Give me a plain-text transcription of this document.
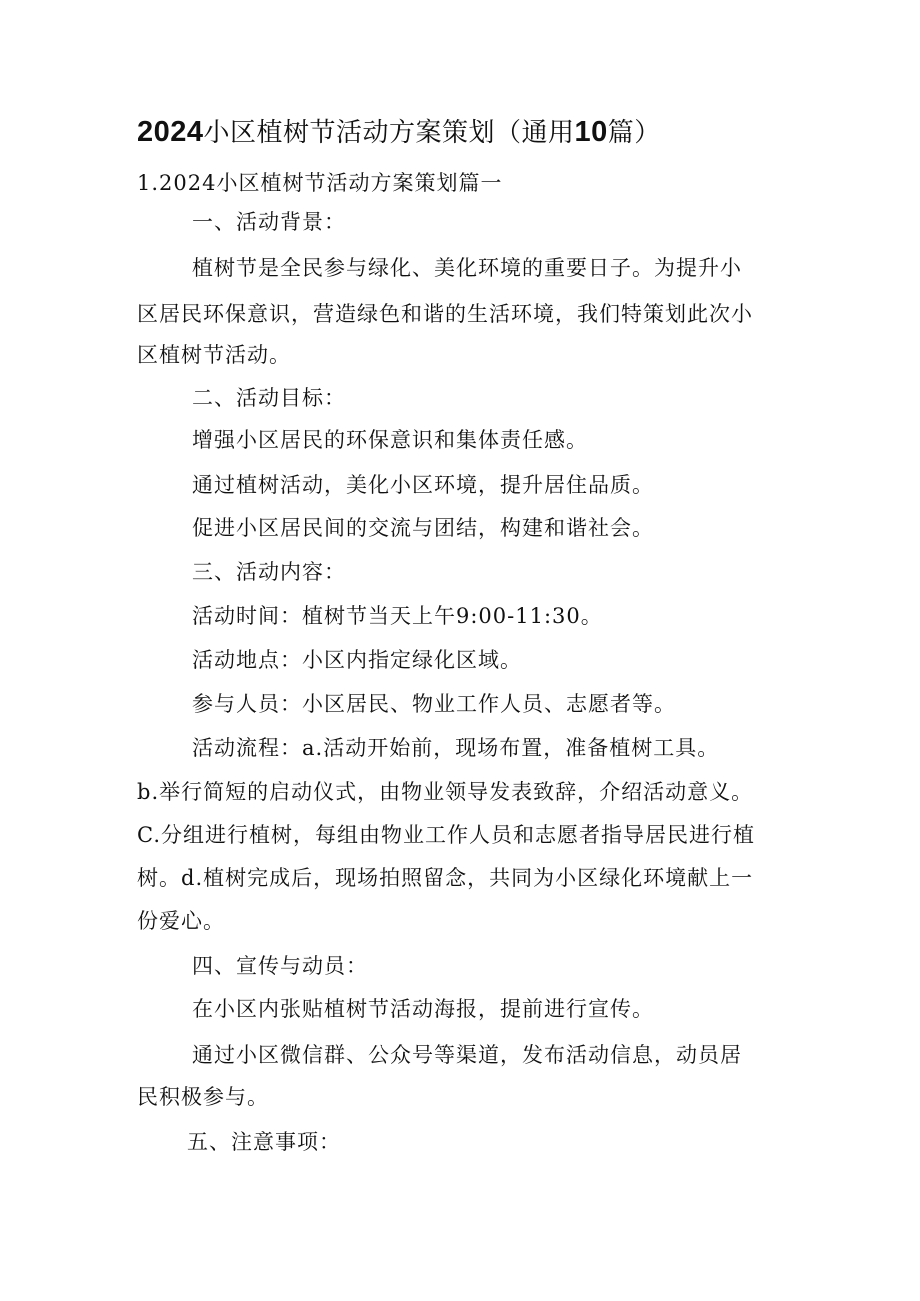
2024小区植树节活动方案策划（通用10篇）

1.2024小区植树节活动方案策划篇一

一、活动背景：

植树节是全民参与绿化、美化环境的重要日子。为提升小

区居民环保意识，营造绿色和谐的生活环境，我们特策划此次小

区植树节活动。

二、活动目标：

增强小区居民的环保意识和集体责任感。

通过植树活动，美化小区环境，提升居住品质。

促进小区居民间的交流与团结，构建和谐社会。

三、活动内容：

活动时间：植树节当天上午9:00-11:30。

活动地点：小区内指定绿化区域。

参与人员：小区居民、物业工作人员、志愿者等。

活动流程：a.活动开始前，现场布置，准备植树工具。

b.举行简短的启动仪式，由物业领导发表致辞，介绍活动意义。

C.分组进行植树，每组由物业工作人员和志愿者指导居民进行植

树。d.植树完成后，现场拍照留念，共同为小区绿化环境献上一

份爱心。

四、宣传与动员：

在小区内张贴植树节活动海报，提前进行宣传。

通过小区微信群、公众号等渠道，发布活动信息，动员居

民积极参与。

五、注意事项：
